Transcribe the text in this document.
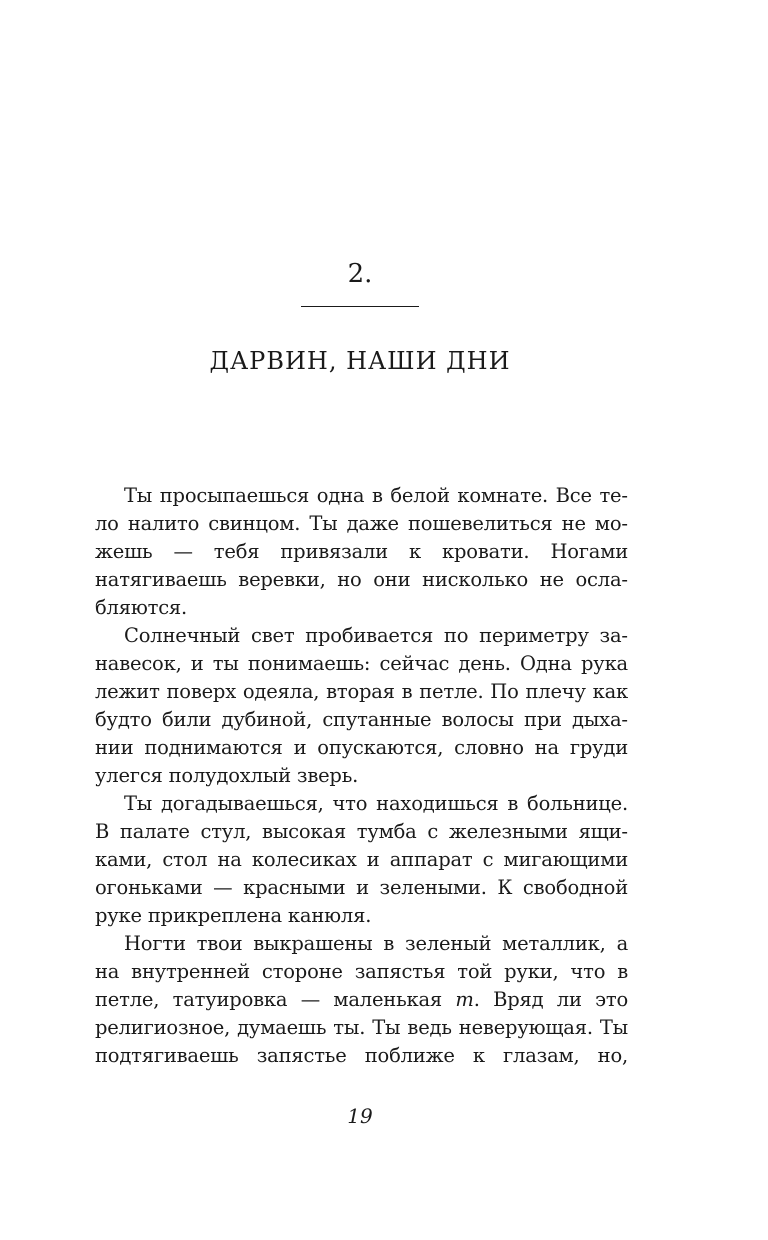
2.
ДАРВИН, НАШИ ДНИ

Ты просыпаешься одна в белой комнате. Все тело налито свинцом. Ты даже пошевелиться не можешь — тебя привязали к кровати. Ногами натягиваешь веревки, но они нисколько не ослабляются.

Солнечный свет пробивается по периметру занавесок, и ты понимаешь: сейчас день. Одна рука лежит поверх одеяла, вторая в петле. По плечу как будто били дубиной, спутанные волосы при дыхании поднимаются и опускаются, словно на груди улегся полудохлый зверь.

Ты догадываешься, что находишься в больнице. В палате стул, высокая тумба с железными ящиками, стол на колесиках и аппарат с мигающими огоньками — красными и зелеными. К свободной руке прикреплена канюля.

Ногти твои выкрашены в зеленый металлик, а на внутренней стороне запястья той руки, что в петле, татуировка — маленькая т. Вряд ли это религиозное, думаешь ты. Ты ведь неверующая. Ты подтягиваешь запястье поближе к глазам, но,

19
